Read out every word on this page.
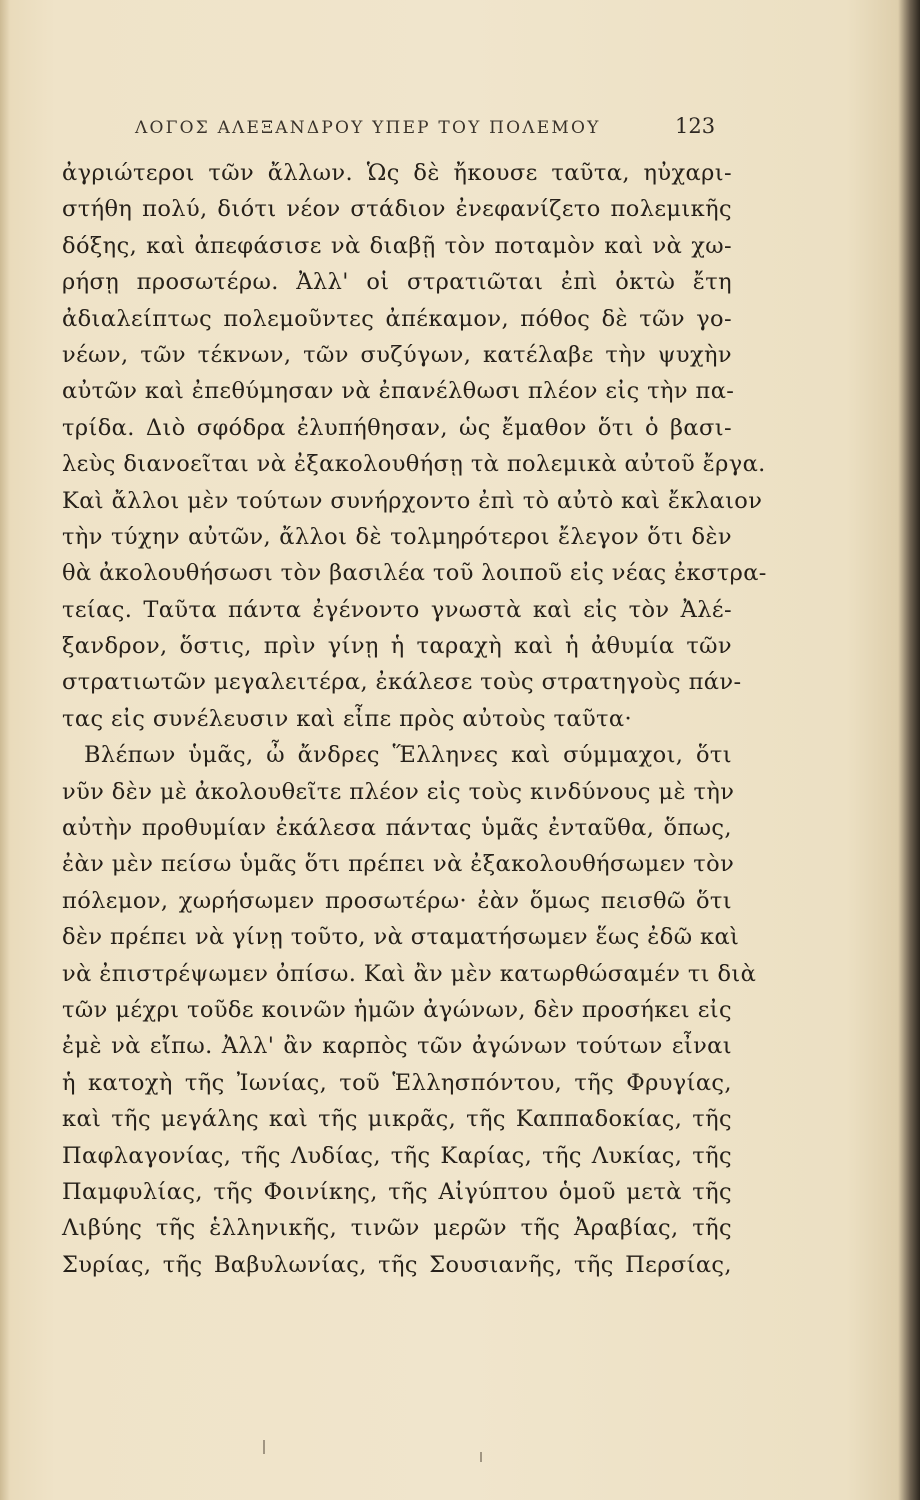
ΛΟΓΟΣ ΑΛΕΞΑΝΔΡΟΥ ΥΠΕΡ ΤΟΥ ΠΟΛΕΜΟΥ	123
ἀγριώτεροι τῶν ἄλλων. Ὡς δὲ ἤκουσε ταῦτα, ηὐχαρι-
στήθη πολύ, διότι νέον στάδιον ἐνεφανίζετο πολεμικῆς
δόξης, καὶ ἀπεφάσισε νὰ διαβῇ τὸν ποταμὸν καὶ νὰ χω-
ρήσῃ προσωτέρω. Ἀλλ' οἱ στρατιῶται ἐπὶ ὀκτὼ ἔτη
ἀδιαλείπτως πολεμοῦντες ἀπέκαμον, πόθος δὲ τῶν γο-
νέων, τῶν τέκνων, τῶν συζύγων, κατέλαβε τὴν ψυχὴν
αὐτῶν καὶ ἐπεθύμησαν νὰ ἐπανέλθωσι πλέον εἰς τὴν πα-
τρίδα. Διὸ σφόδρα ἐλυπήθησαν, ὡς ἔμαθον ὅτι ὁ βασι-
λεὺς διανοεῖται νὰ ἐξακολουθήσῃ τὰ πολεμικὰ αὐτοῦ ἔργα.
Καὶ ἄλλοι μὲν τούτων συνήρχοντο ἐπὶ τὸ αὐτὸ καὶ ἔκλαιον
τὴν τύχην αὐτῶν, ἄλλοι δὲ τολμηρότεροι ἔλεγον ὅτι δὲν
θὰ ἀκολουθήσωσι τὸν βασιλέα τοῦ λοιποῦ εἰς νέας ἐκστρα-
τείας. Ταῦτα πάντα ἐγένοντο γνωστὰ καὶ εἰς τὸν Ἀλέ-
ξανδρον, ὅστις, πρὶν γίνῃ ἡ ταραχὴ καὶ ἡ ἀθυμία τῶν
στρατιωτῶν μεγαλειτέρα, ἐκάλεσε τοὺς στρατηγοὺς πάν-
τας εἰς συνέλευσιν καὶ εἶπε πρὸς αὐτοὺς ταῦτα·
Βλέπων ὑμᾶς, ὦ ἄνδρες Ἕλληνες καὶ σύμμαχοι, ὅτι
νῦν δὲν μὲ ἀκολουθεῖτε πλέον εἰς τοὺς κινδύνους μὲ τὴν
αὐτὴν προθυμίαν ἐκάλεσα πάντας ὑμᾶς ἐνταῦθα, ὅπως,
ἐὰν μὲν πείσω ὑμᾶς ὅτι πρέπει νὰ ἐξακολουθήσωμεν τὸν
πόλεμον, χωρήσωμεν προσωτέρω· ἐὰν ὅμως πεισθῶ ὅτι
δὲν πρέπει νὰ γίνῃ τοῦτο, νὰ σταματήσωμεν ἕως ἐδῶ καὶ
νὰ ἐπιστρέψωμεν ὀπίσω. Καὶ ἂν μὲν κατωρθώσαμέν τι διὰ
τῶν μέχρι τοῦδε κοινῶν ἡμῶν ἀγώνων, δὲν προσήκει εἰς
ἐμὲ νὰ εἴπω. Ἀλλ' ἂν καρπὸς τῶν ἀγώνων τούτων εἶναι
ἡ κατοχὴ τῆς Ἰωνίας, τοῦ Ἑλλησπόντου, τῆς Φρυγίας,
καὶ τῆς μεγάλης καὶ τῆς μικρᾶς, τῆς Καππαδοκίας, τῆς
Παφλαγονίας, τῆς Λυδίας, τῆς Καρίας, τῆς Λυκίας, τῆς
Παμφυλίας, τῆς Φοινίκης, τῆς Αἰγύπτου ὁμοῦ μετὰ τῆς
Λιβύης τῆς ἑλληνικῆς, τινῶν μερῶν τῆς Ἀραβίας, τῆς
Συρίας, τῆς Βαβυλωνίας, τῆς Σουσιανῆς, τῆς Περσίας,
